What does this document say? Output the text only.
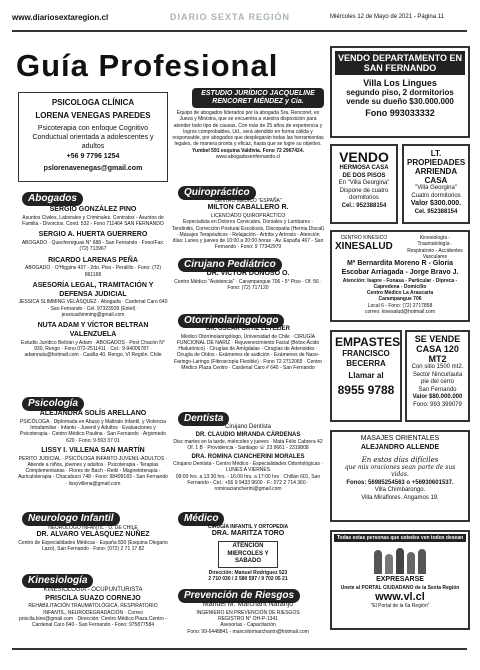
www.diariosextaregion.cl	DIARIO SEXTA REGIÓN	Miércoles 12 de Mayo de 2021 - Página 11
Guía Profesional
PSICOLOGA CLÍNICA
LORENA VENEGAS PAREDES
Psicoterapia con enfoque Cognitivo Conductual orientada a adolescentes y adultos
+56 9 7796 1254
pslorenavenegas@gmail.com
Abogados
SERGIO GONZÁLEZ PINO
Asuntos Civiles, Laborales y Criminales. Contratos - Asuntos de Familia - Divorcios. Cond. 532 - Fono 711464 SAN FERNANDO
SERGIO A. HUERTA GUERRERO
ABOGADO · Quechereguas N° 688 - San Fernando · Fono/Fax: (72) 713967
RICARDO LARENAS PEÑA
ABOGADO · O'Higgins 437 - 2do. Piso - Peralillo · Fono: (72) 861168
ASESORÍA LEGAL, TRAMITACIÓN Y DEFENSA JUDICIAL
JESSICA SLIMMING VELÁSQUEZ · Abogada · Cardenal Caro 640 - San Fernando · Cel. 97323939 (Entel) · jessicaslimming@gmail.com
NUTA ADAM Y VÍCTOR BELTRAN VALENZUELA
Estudio Jurídico Beltrán y Adam · ABOGADOS · Pest Chacón N° 930, Rengo · Fono 072-2511411 · Cel.: 9-94006787 · adamnuta@hotmail.com · Casilla 40. Rengo. VI Región. Chile
Psicología
ALEJANDRA SOLÍS ARELLANO
PSICÓLOGA · Diplomada en Abuso y Maltrato Infantil, y Violencia Intrafamiliar · Infanto - Juvenil y Adultos · Evaluaciones y Psicoterapia · Centro Médico Paulina · San Fernando · Argomedo 620 · Fono: 9-593 37 01
LISSY I. VILLENA SAN MARTÍN
PERITO JUDICIAL · PSICÓLOGA INFANTO-JUVENIL-ADULTOS · Atiende a niños, jóvenes y adultos · Psicoterapia - Terapias Complementarias · Flores de Bach - Reiki - Magnetoterapia - Auriculoterapia · Chacabuco 748 - Fono: 98499183 - San Fernando · lissyvillena@gmail.com
Neurologo Infantil
NEUROLOGO INFANTIL · U. DE CHILE
DR. ALVARO VELÁSQUEZ NÚÑEZ
Centro de Especialidades Médicas · Espaňa 830 (Esquina Olegario Lazo), San Fernando · Fono: (072) 2 71 17 82
Kinesiología
KINESIOLOGÍA - OCUPUNTURISTA
PRISCILA SUAZO CORNEJO
REHABILITACIÓN TRAUMATOLÓGICA, RESPIRATORIO INFANTIL, NEURODEGRADACIÓN · Correo priscila.kine@gmail.com · Dirección: Centro Médico Plaza Centro - Cardenal Caro 640 - San Fernando - Fono: 975877584
ESTUDIO JURÍDICO JACQUELINE RENCORET MÉNDEZ y Cía.
Equipo de abogados liderados por la abogada Sra. Rencoret, ex Jueza y Ministra, que se encuentra a vuestra disposición para atender todo tipo de causas. Con más de 25 años de experiencia y logros comprobables, Ud., será atendido en forma cálida y responsable, por abogados que desplegarán todas las herramientas legales, de manera pronta y eficaz, hasta que se logre su objetivo.
Yumbel 591 esquina Valdivia. Fono 72 2967424.
www.abogadosenfernando.cl
Quiropráctico
CENTRO MÉDICO "ESPAÑA"
MILTON CABALLERO R.
LICENCIADO QUIROPRÁCTICO
Especialista en Dolores Cervicales, Dorsales y Lumbares · Tendinitis, Corrección Postural Escoliosis, Discopatía (Hernia Discal) · Masajes Terapéuticos - Relajación - Artritis y Artrosis · Atención días: Lunes y jueves de 10:00 a 20:00 horas · Av. España 467 - San Fernando - Fono: 9 77342979
Cirujano Pediátrico
DR. VÍCTOR DONOSO O.
Centro Médico "Asistencia" · Carampangue 706 - 5° Piso - Of. 56 · Fono: (72) 717120
Otorrinolaringologo
DR. ÓSCAR ORTIZ LETELIER
Médico Otorrinolaringólogo, Universidad de Chile · CIRUGÍA FUNCIONAL DE NARIZ · Rejuvenecimiento Facial (Botox-Ácido Hialurónico) · Cirugías de Amígdalas - Cirugías de Adenoides · Cirugía de Oídos - Exámenes de audición · Exámenes de Naso-Faringo-Laringo (Fibroscopía Flexible) · Fono 72 2712065 · Centro Médico Plaza Centro · Cardenal Caro # 640 - San Fernando
Dentista
Cirujano Dentista
DR. CLAUDIO MIRANDA CÁRDENAS
Disc martes en la tarde, miércoles y jueves · Mata Félix Cabrera 42 Of. 1 B · Providencia - Santiago ☏ 23 9661 - 2319808
DRA. ROMINA CIANCHERINI MORALES
Cirujano Dentista - Centro Médico · Especialidades Odontológicas · LUNES A VIERNES
09:00 hrs. a 13:30 hrs. - 16:00 hrs. a 17:00 hrs · Chillán 601, San Fernando - Cel.: +56 9 9433 9600 · F.: 072 2 714 360 · rominaciancherini@gmail.com
Médico
CIRUGÍA INFANTIL Y ORTOPEDIA
DRA. MARITZA TORO
ATENCIÓN MIERCOLES Y SABADO
Dirección: Manuel Rodríguez 523
2 710 030 / 2 580 597 / 9 702 05 21
Prevención de Riesgos
Manuel M. Marchant Naranjo
INGENIERO EN PREVENCIÓN DE RIESGOS
REGISTRO N° OH-P-1341
Asesorías - Capacitación
Fono: 99-6448841 - mancolormarchantn@hotmail.com
VENDO DEPARTAMENTO EN SAN FERNANDO
Villa Los Lingues
segundo piso, 2 dormitorios
vende su dueño $30.000.000
Fono 993033332
VENDO
HERMOSA CASA DE DOS PISOS
En "Villa Georgina"
Dispone de cuatro dormitorios
Cel.: 952388154
LT. PROPIEDADES ARRIENDA CASA
"Villa Georgina"
Cuatro dormitorios
Valor $300.000.
Cel. 952388154
CENTRO KINESICO
XINESALUD
Kinesiología - Traumatología · Respiratorio - Accidentes Vasculares
Mª Bernardita Moreno R - Gloria Escobar Arriagada - Jorge Bravo J.
Atención: Isapre - Fonasa - Particular - Diprеca - Capredena - Domicilio
Centro Médico La Araucaria
Carampangue 706
Local 6 - Fono: (72) 2717858
correo: kinesalud@hotmail.com
EMPASTES
FRANCISCO BECERRA
Llamar al
8955 9788
SE VENDE CASA 120 MT2
Con sitio 1500 mt2.
Sector Nincurlauta pie del cerro
San Fernando
Valor $80.000.000
Fono: 993 399079
MASAJES ORIENTALES
ALEJANDRO ALLENDE
En estos días difíciles
que mis oraciones sean parte de sus vidas.
Fonos: 56985254563 o +56930601537.
Villa Chimbarongo.
Villa Miraflores. Angamos 19.
Todas estas personas que ustedes ven todos desean
EXPRESARSE
Unete al PORTAL CIUDADANO de la Sexta Región
www.vl.cl
"El Portal de la 6a Región"
